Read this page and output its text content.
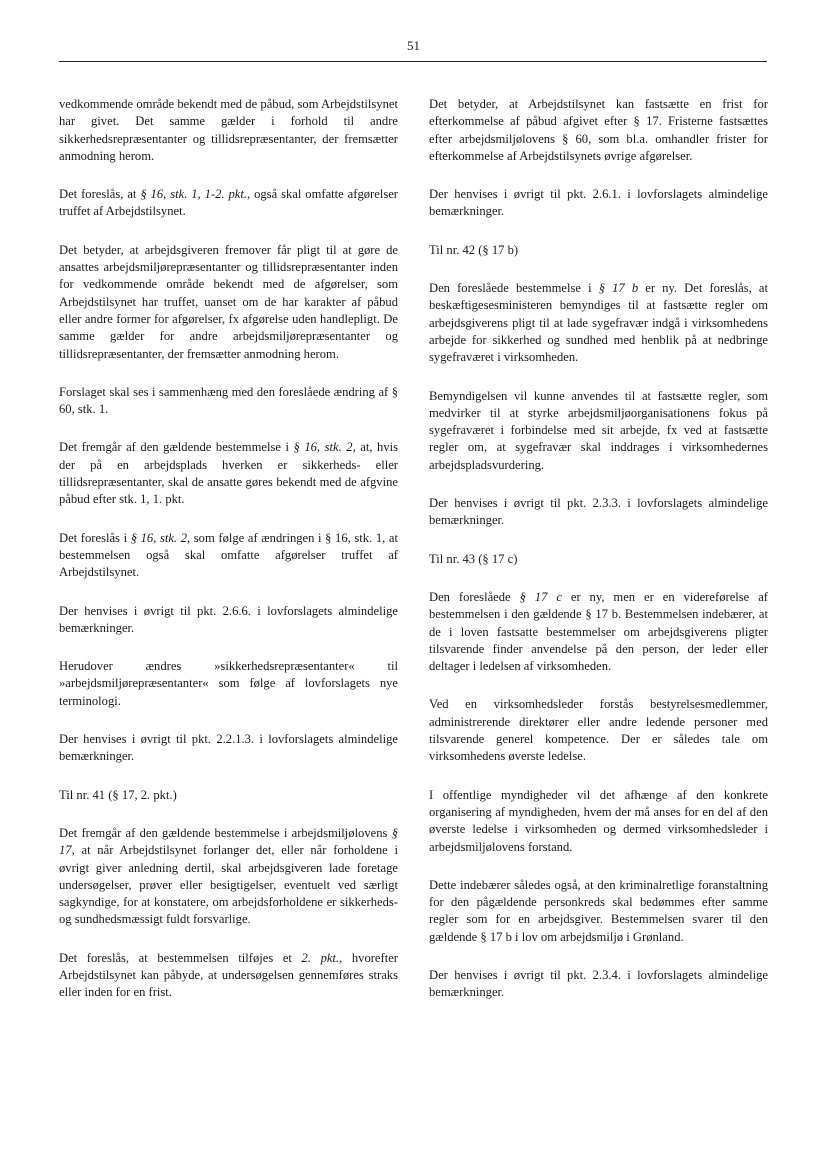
51

vedkommende område bekendt med de påbud, som Arbejdstilsynet har givet. Det samme gælder i forhold til andre sikkerhedsrepræsentanter og tillidsrepræsentanter, der fremsætter anmodning herom.

Det foreslås, at § 16, stk. 1, 1-2. pkt., også skal omfatte afgørelser truffet af Arbejdstilsynet.

Det betyder, at arbejdsgiveren fremover får pligt til at gøre de ansattes arbejdsmiljørepræsentanter og tillidsrepræsentanter inden for vedkommende område bekendt med de afgørelser, som Arbejdstilsynet har truffet, uanset om de har karakter af påbud eller andre former for afgørelser, fx afgørelse uden handlepligt. De samme gælder for andre arbejdsmiljørepræsentanter og tillidsrepræsentanter, der fremsætter anmodning herom.

Forslaget skal ses i sammenhæng med den foreslåede ændring af § 60, stk. 1.

Det fremgår af den gældende bestemmelse i § 16, stk. 2, at, hvis der på en arbejdsplads hverken er sikkerheds- eller tillidsrepræsentanter, skal de ansatte gøres bekendt med de afgvine påbud efter stk. 1, 1. pkt.

Det foreslås i § 16, stk. 2, som følge af ændringen i § 16, stk. 1, at bestemmelsen også skal omfatte afgørelser truffet af Arbejdstilsynet.

Der henvises i øvrigt til pkt. 2.6.6. i lovforslagets almindelige bemærkninger.

Herudover ændres »sikkerhedsrepræsentanter« til »arbejdsmiljørepræsentanter« som følge af lovforslagets nye terminologi.

Der henvises i øvrigt til pkt. 2.2.1.3. i lovforslagets almindelige bemærkninger.

Til nr. 41 (§ 17, 2. pkt.)

Det fremgår af den gældende bestemmelse i arbejdsmiljølovens § 17, at når Arbejdstilsynet forlanger det, eller når forholdene i øvrigt giver anledning dertil, skal arbejdsgiveren lade foretage undersøgelser, prøver eller besigtigelser, eventuelt ved særligt sagkyndige, for at konstatere, om arbejdsforholdene er sikkerheds- og sundhedsmæssigt fuldt forsvarlige.

Det foreslås, at bestemmelsen tilføjes et 2. pkt., hvorefter Arbejdstilsynet kan påbyde, at undersøgelsen gennemføres straks eller inden for en frist.

Det betyder, at Arbejdstilsynet kan fastsætte en frist for efterkommelse af påbud afgivet efter § 17. Fristerne fastsættes efter arbejdsmiljølovens § 60, som bl.a. omhandler frister for efterkommelse af Arbejdstilsynets øvrige afgørelser.

Der henvises i øvrigt til pkt. 2.6.1. i lovforslagets almindelige bemærkninger.

Til nr. 42 (§ 17 b)

Den foreslåede bestemmelse i § 17 b er ny. Det foreslås, at beskæftigesesministeren bemyndiges til at fastsætte regler om arbejdsgiverens pligt til at lade sygefravær indgå i virksomhedens arbejde for sikkerhed og sundhed med henblik på at nedbringe sygefraværet i virksomheden.

Bemyndigelsen vil kunne anvendes til at fastsætte regler, som medvirker til at styrke arbejdsmiljøorganisationens fokus på sygefraværet i forbindelse med sit arbejde, fx ved at fastsætte regler om, at sygefravær skal inddrages i virksomhedernes arbejdspladsvurdering.

Der henvises i øvrigt til pkt. 2.3.3. i lovforslagets almindelige bemærkninger.

Til nr. 43 (§ 17 c)

Den foreslåede § 17 c er ny, men er en videreførelse af bestemmelsen i den gældende § 17 b. Bestemmelsen indebærer, at de i loven fastsatte bestemmelser om arbejdsgiverens pligter tilsvarende finder anvendelse på den person, der leder eller deltager i ledelsen af virksomheden.

Ved en virksomhedsleder forstås bestyrelsesmedlemmer, administrerende direktører eller andre ledende personer med tilsvarende generel kompetence. Der er således tale om virksomhedens øverste ledelse.

I offentlige myndigheder vil det afhænge af den konkrete organisering af myndigheden, hvem der må anses for en del af den øverste ledelse i virksomheden og dermed virksomhedsleder i arbejdsmiljølovens forstand.

Dette indebærer således også, at den kriminalretlige foranstaltning for den pågældende personkreds skal bedømmes efter samme regler som for en arbejdsgiver. Bestemmelsen svarer til den gældende § 17 b i lov om arbejdsmiljø i Grønland.

Der henvises i øvrigt til pkt. 2.3.4. i lovforslagets almindelige bemærkninger.
